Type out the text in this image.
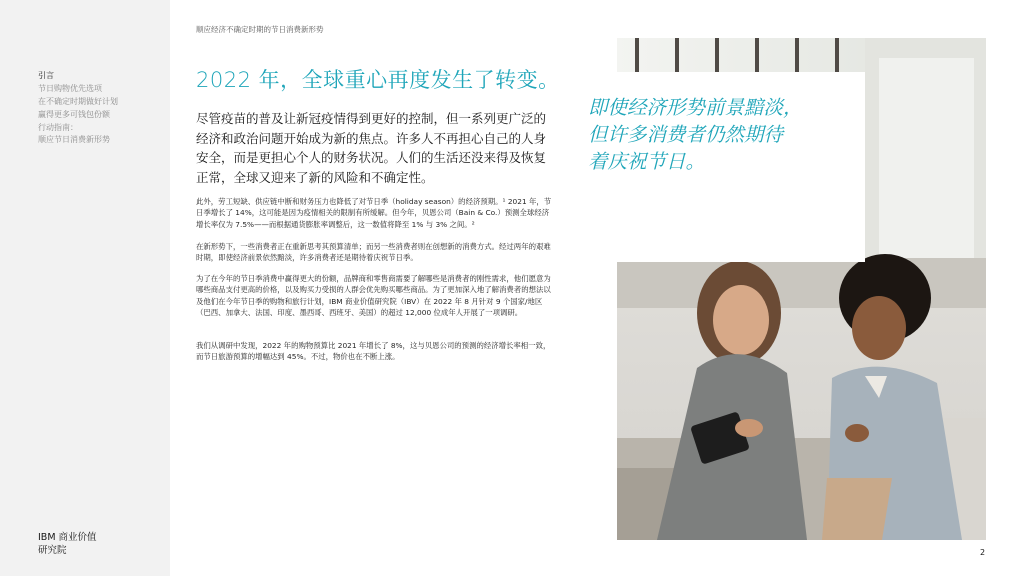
引言
节日购物优先选项
在不确定时期做好计划
赢得更多可钱包份额
行动指南：
顺应节日消费新形势
IBM 商业价值
研究院
顺应经济不确定时期的节日消费新形势
2022 年，全球重心再度发生了转变。
尽管疫苗的普及让新冠疫情得到更好的控制，但一系列更广泛的经济和政治问题开始成为新的焦点。许多人不再担心自己的人身安全，而是更担心个人的财务状况。人们的生活还没来得及恢复正常，全球又迎来了新的风险和不确定性。
此外，劳工短缺、供应链中断和财务压力也降低了对节日季（holiday season）的经济预期。¹ 2021 年，节日季增长了 14%，这可能是因为疫情相关的限制有所缓解。但今年，贝恩公司（Bain & Co.）预测全球经济增长率仅为 7.5%——而根据通货膨胀率调整后，这一数值将降至 1% 与 3% 之间。²
在新形势下，一些消费者正在重新思考其预算清单；而另一些消费者则在创想新的消费方式。经过两年的艰难时期，即使经济前景依然黯淡，许多消费者还是期待着庆祝节日季。
为了在今年的节日季消费中赢得更大的份额，品牌商和零售商需要了解哪些是消费者的刚性需求，他们愿意为哪些商品支付更高的价格，以及购买力受损的人群会优先购买哪些商品。为了更加深入地了解消费者的想法以及他们在今年节日季的购物和旅行计划，IBM 商业价值研究院（IBV）在 2022 年 8 月针对 9 个国家/地区（巴西、加拿大、法国、印度、墨西哥、西班牙、美国）的超过 12,000 位成年人开展了一项调研。
我们从调研中发现，2022 年的购物预算比 2021 年增长了 8%，这与贝恩公司的预测的经济增长率相一致，而节日旅游预算的增幅达到 45%。不过，物价也在不断上涨。
即使经济形势前景黯淡，
但许多消费者仍然期待
着庆祝节日。
2
